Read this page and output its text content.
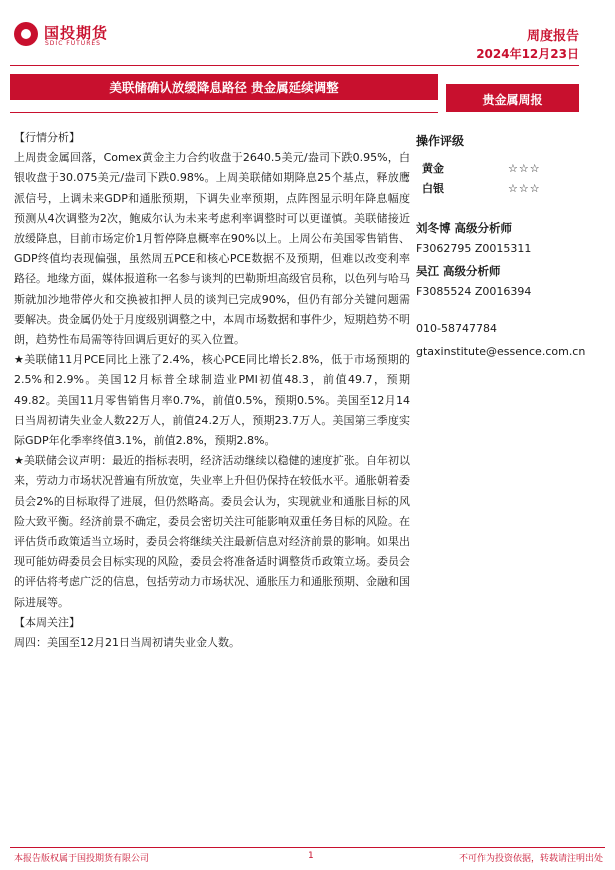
国投期货
SDIC FUTURES	周度报告
2024年12月23日
美联储确认放缓降息路径 贵金属延续调整
贵金属周报

【行情分析】

上周贵金属回落，Comex黄金主力合约收盘于2640.5美元/盎司下跌0.95%，白银收盘于30.075美元/盎司下跌0.98%。上周美联储如期降息25个基点，释放鹰派信号，上调未来GDP和通胀预期，下调失业率预期，点阵图显示明年降息幅度预测从4次调整为2次，鲍威尔认为未来考虑利率调整时可以更谨慎。美联储接近放缓降息，目前市场定价1月暂停降息概率在90%以上。上周公布美国零售销售、GDP终值均表现偏强，虽然周五PCE和核心PCE数据不及预期，但难以改变利率路径。地缘方面，媒体报道称一名参与谈判的巴勒斯坦高级官员称，以色列与哈马斯就加沙地带停火和交换被扣押人员的谈判已完成90%，但仍有部分关键问题需要解决。贵金属仍处于月度级别调整之中，本周市场数据和事件少，短期趋势不明朗，趋势性布局需等待回调后更好的买入位置。

★美联储11月PCE同比上涨了2.4%，核心PCE同比增长2.8%，低于市场预期的2.5%和2.9%。美国12月标普全球制造业PMI初值48.3，前值49.7，预期49.82。美国11月零售销售月率0.7%，前值0.5%，预期0.5%。美国至12月14日当周初请失业金人数22万人，前值24.2万人，预期23.7万人。美国第三季度实际GDP年化季率终值3.1%，前值2.8%，预期2.8%。

★美联储会议声明：最近的指标表明，经济活动继续以稳健的速度扩张。自年初以来，劳动力市场状况普遍有所放宽，失业率上升但仍保持在较低水平。通胀朝着委员会2%的目标取得了进展，但仍然略高。委员会认为，实现就业和通胀目标的风险大致平衡。经济前景不确定，委员会密切关注可能影响双重任务目标的风险。在评估货币政策适当立场时，委员会将继续关注最新信息对经济前景的影响。如果出现可能妨碍委员会目标实现的风险，委员会将准备适时调整货币政策立场。委员会的评估将考虑广泛的信息，包括劳动力市场状况、通胀压力和通胀预期、金融和国际进展等。

【本周关注】

周四：美国至12月21日当周初请失业金人数。

操作评级
黄金	☆☆☆
白银	☆☆☆
刘冬博 高级分析师
F3062795 Z0015311
吴江 高级分析师
F3085524 Z0016394
010-58747784
gtaxinstitute@essence.com.cn
本报告版权属于国投期货有限公司	1	不可作为投资依据，转载请注明出处
